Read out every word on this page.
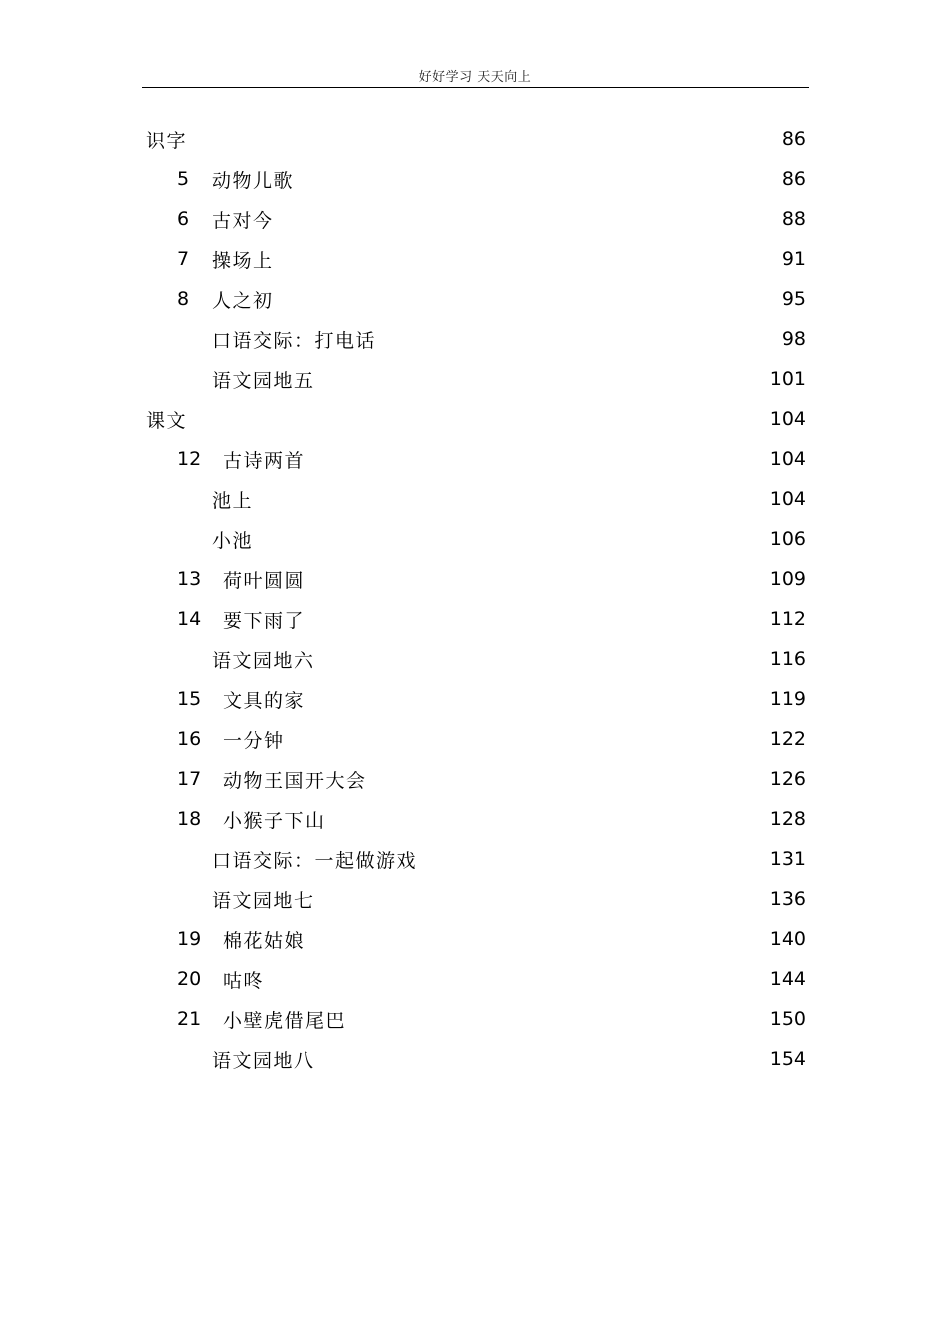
好好学习 天天向上
识字	86
5 动物儿歌	86
6 古对今	88
7 操场上	91
8 人之初	95
口语交际：打电话	98
语文园地五	101
课文	104
12 古诗两首	104
池上	104
小池	106
13 荷叶圆圆	109
14 要下雨了	112
语文园地六	116
15 文具的家	119
16 一分钟	122
17 动物王国开大会	126
18 小猴子下山	128
口语交际：一起做游戏	131
语文园地七	136
19 棉花姑娘	140
20 咕咚	144
21 小壁虎借尾巴	150
语文园地八	154
